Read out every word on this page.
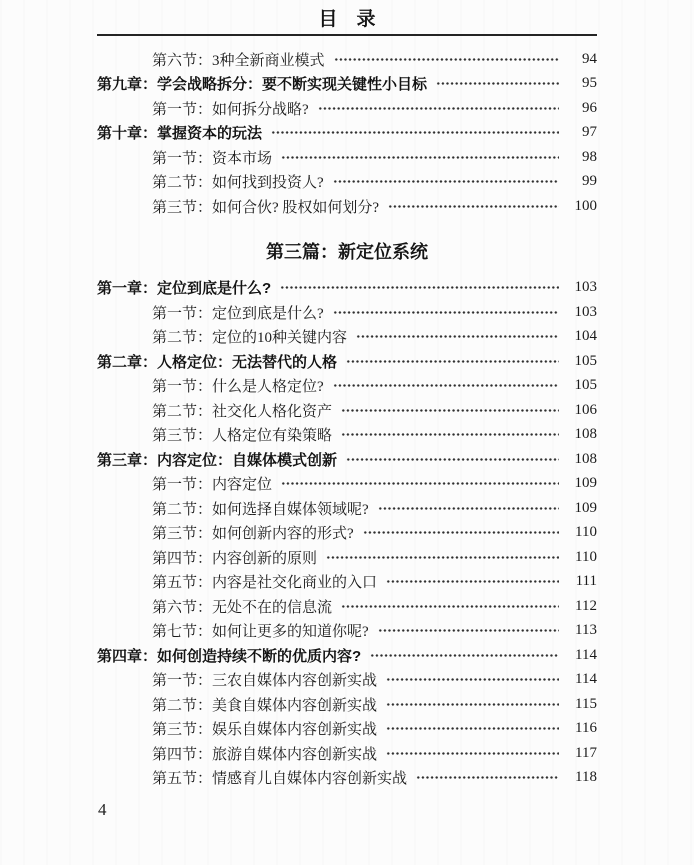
目　录
第六节：3种全新商业模式	94
第九章：学会战略拆分：要不断实现关键性小目标	95
第一节：如何拆分战略?	96
第十章：掌握资本的玩法	97
第一节：资本市场	98
第二节：如何找到投资人?	99
第三节：如何合伙? 股权如何划分?	100
第三篇：新定位系统
第一章：定位到底是什么?	103
第一节：定位到底是什么?	103
第二节：定位的10种关键内容	104
第二章：人格定位：无法替代的人格	105
第一节：什么是人格定位?	105
第二节：社交化人格化资产	106
第三节：人格定位有染策略	108
第三章：内容定位：自媒体模式创新	108
第一节：内容定位	109
第二节：如何选择自媒体领域呢?	109
第三节：如何创新内容的形式?	110
第四节：内容创新的原则	110
第五节：内容是社交化商业的入口	111
第六节：无处不在的信息流	112
第七节：如何让更多的知道你呢?	113
第四章：如何创造持续不断的优质内容?	114
第一节：三农自媒体内容创新实战	114
第二节：美食自媒体内容创新实战	115
第三节：娱乐自媒体内容创新实战	116
第四节：旅游自媒体内容创新实战	117
第五节：情感育儿自媒体内容创新实战	118
4
